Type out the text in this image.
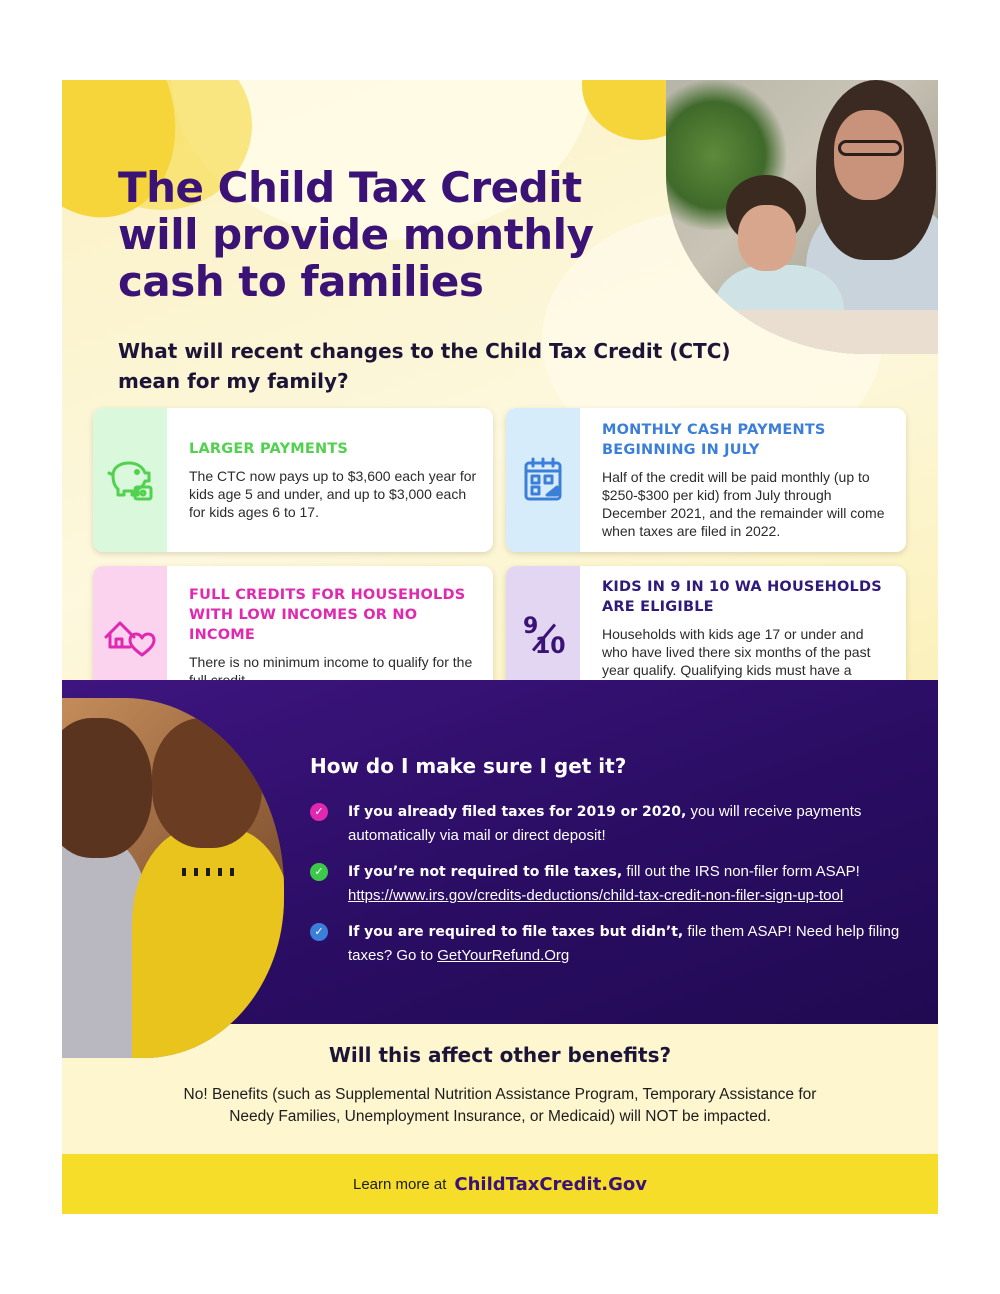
The Child Tax Credit will provide monthly cash to families
What will recent changes to the Child Tax Credit (CTC) mean for my family?
LARGER PAYMENTS

The CTC now pays up to $3,600 each year for kids age 5 and under, and up to $3,000 each for kids ages 6 to 17.

MONTHLY CASH PAYMENTS BEGINNING IN JULY

Half of the credit will be paid monthly (up to $250-$300 per kid) from July through December 2021, and the remainder will come when taxes are filed in 2022.

FULL CREDITS FOR HOUSEHOLDS WITH LOW INCOMES OR NO INCOME

There is no minimum income to qualify for the

9
10
KIDS IN 9 IN 10 WA HOUSEHOLDS ARE ELIGIBLE

Households with kids age 17 or under and who have lived there six months of the past year qualify. Qualifying kids must have a

How do I make sure I get it?
✓	If you already filed taxes for 2019 or 2020, you will receive payments automatically via mail or direct deposit!
✓	If you’re not required to file taxes, fill out the IRS non-filer form ASAP!
https://www.irs.gov/credits-deductions/child-tax-credit-non-filer-sign-up-tool
✓	If you are required to file taxes but didn’t, file them ASAP! Need help filing taxes? Go to GetYourRefund.Org
Will this affect other benefits?

No! Benefits (such as Supplemental Nutrition Assistance Program, Temporary Assistance for Needy Families, Unemployment Insurance, or Medicaid) will NOT be impacted.

Learn more at ChildTaxCredit.Gov
